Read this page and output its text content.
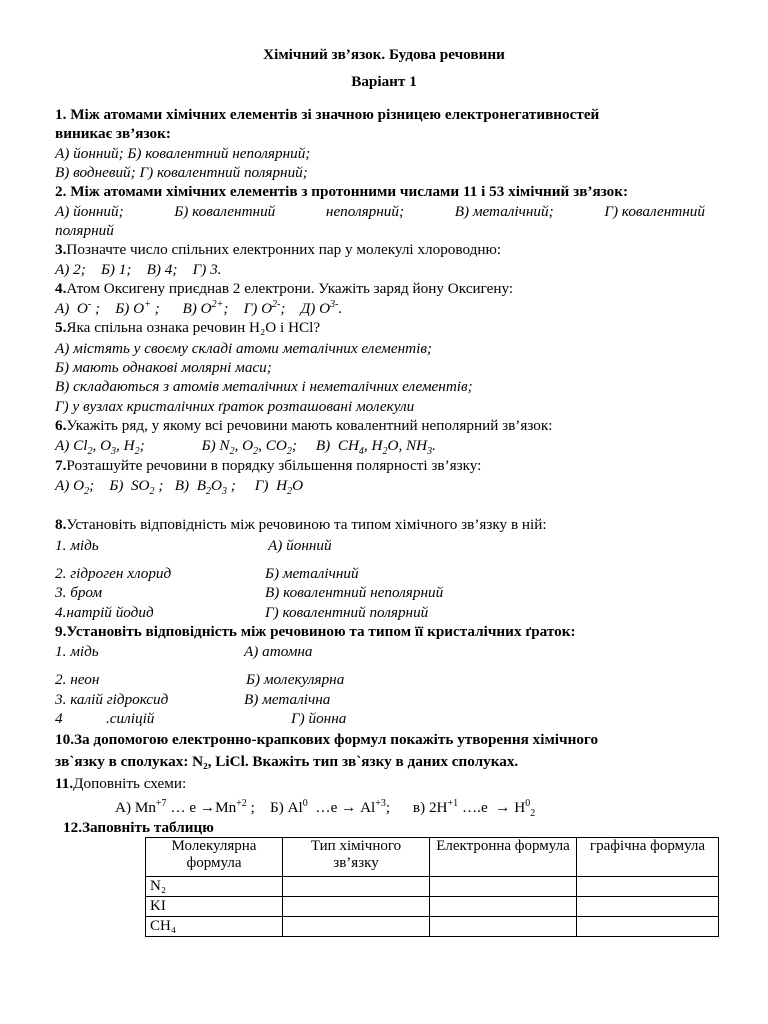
Хімічний зв’язок. Будова речовини
Варіант 1
1. Між атомами хімічних елементів зі значною різницею електронегативностей
виникає зв’язок:
А) йонний; Б) ковалентний неполярний;
В) водневий; Г) ковалентний полярний;
2. Між атомами хімічних елементів з протонними числами 11 і 53 хімічний зв’язок:
А) йонний;	Б) ковалентний	неполярний;	В) металічний;	Г) ковалентний
полярний
3.Позначте число спільних електронних пар у молекулі хлороводню:
А) 2;    Б) 1;    В) 4;    Г) 3.
4.Атом Оксигену приєднав 2 електрони. Укажіть заряд йону Оксигену:
А)  О- ;    Б) О+ ;      В) $О^{2+}$;    Г) $О^{2-}$;    Д) $О^{3-}$.
5.Яка спільна ознака речовин H₂O і HCl?
А) містять у своєму складі атоми металічних елементів;
Б) мають однакові молярні маси;
В) складаються з атомів металічних і неметалічних елементів;
Г) у вузлах кристалічних ґраток розташовані молекули
6.Укажіть ряд, у якому всі речовини мають ковалентний неполярний зв’язок:
А) $Cl_2$, $O_3$, $H_2$;               Б) $N_2$, $O_2$, $CO_2$;     В)  $CH_4$, $H_2O$, $NH_3$.
7.Розташуйте речовини в порядку збільшення полярності зв’язку:
А) $O_2$;    Б)  $SO_2$ ;   В)  $B_2O_3$ ;     Г)  $H_2O$
8.Установіть відповідність між речовиною та типом хімічного зв’язку в ній:
1. мідь	А) йонний
2. гідроген хлорид	Б) металічний
3. бром	В) ковалентний неполярний
4.натрій йодид	Г) ковалентний полярний
9.Установіть відповідність між речовиною та типом її кристалічних ґраток:
1. мідь	А) атомна
2. неон	Б) молекулярна
3. калій гідроксид	В) металічна
4	.силіцій	Г) йонна
10.За допомогою електронно-крапкових формул покажіть утворення хімічного
зв`язку в сполуках: N₂, LiCl. Вкажіть тип зв`язку в даних сполуках.
11.Доповніть схеми:
А) $Mn^{+7}$ … $е \to Mn^{+2}$ ;    Б) Al$^0$  …е → $Al^{+3}$;      в) $2H^{+1}$ ….е  → $H^0_2$
12.Заповніть таблицю
Молекулярна формула	Тип хімічного зв’язку	Електронна формула	графічна формула
N₂			
KI			
CH₄			
